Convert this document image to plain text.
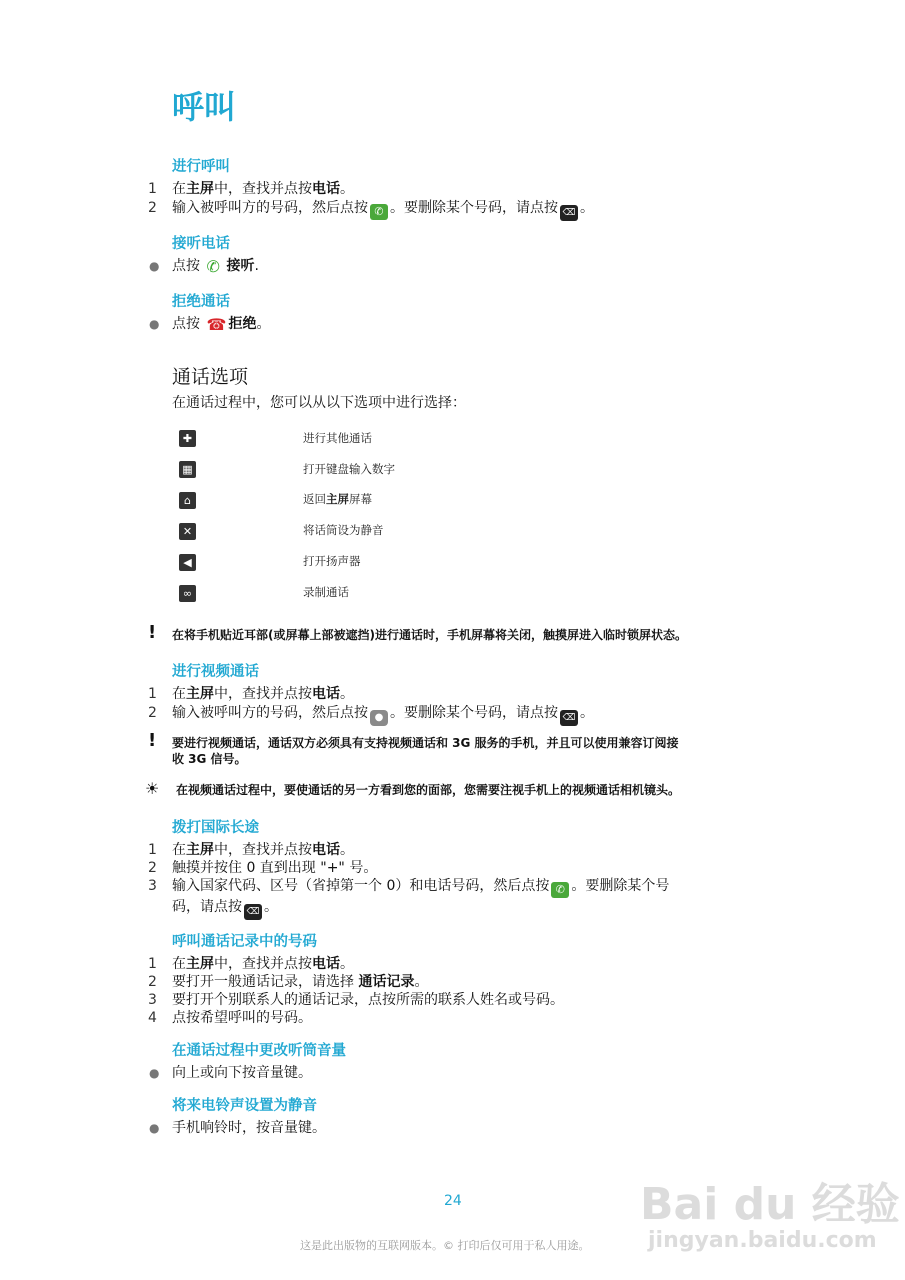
呼叫
进行呼叫
1 在主屏中，查找并点按电话。
2 输入被呼叫方的号码，然后点按 ✆ 。要删除某个号码，请点按 ⌫ 。
接听电话
● 点按 ✆ 接听.
拒绝通话
● 点按 ☎ 拒绝。
通话选项
在通话过程中，您可以从以下选项中进行选择：
✚	进行其他通话
▦	打开键盘输入数字
⌂	返回主屏屏幕
✕	将话筒设为静音
◀	打开扬声器
∞	录制通话
! 在将手机贴近耳部(或屏幕上部被遮挡)进行通话时，手机屏幕将关闭，触摸屏进入临时锁屏状态。
进行视频通话
1 在主屏中，查找并点按电话。
2 输入被呼叫方的号码，然后点按 ● 。要删除某个号码，请点按 ⌫ 。
! 要进行视频通话，通话双方必须具有支持视频通话和 3G 服务的手机，并且可以使用兼容订阅接
收 3G 信号。
☀ 在视频通话过程中，要使通话的另一方看到您的面部，您需要注视手机上的视频通话相机镜头。
拨打国际长途
1 在主屏中，查找并点按电话。
2 触摸并按住 0 直到出现 "+" 号。
3 输入国家代码、区号（省掉第一个 0）和电话号码，然后点按 ✆ 。要删除某个号
码，请点按 ⌫ 。
呼叫通话记录中的号码
1 在主屏中，查找并点按电话。
2 要打开一般通话记录，请选择 通话记录。
3 要打开个别联系人的通话记录，点按所需的联系人姓名或号码。
4 点按希望呼叫的号码。
在通话过程中更改听筒音量
● 向上或向下按音量键。
将来电铃声设置为静音
● 手机响铃时，按音量键。
24
这是此出版物的互联网版本。© 打印后仅可用于私人用途。
Bai du 经验
jingyan.baidu.com
